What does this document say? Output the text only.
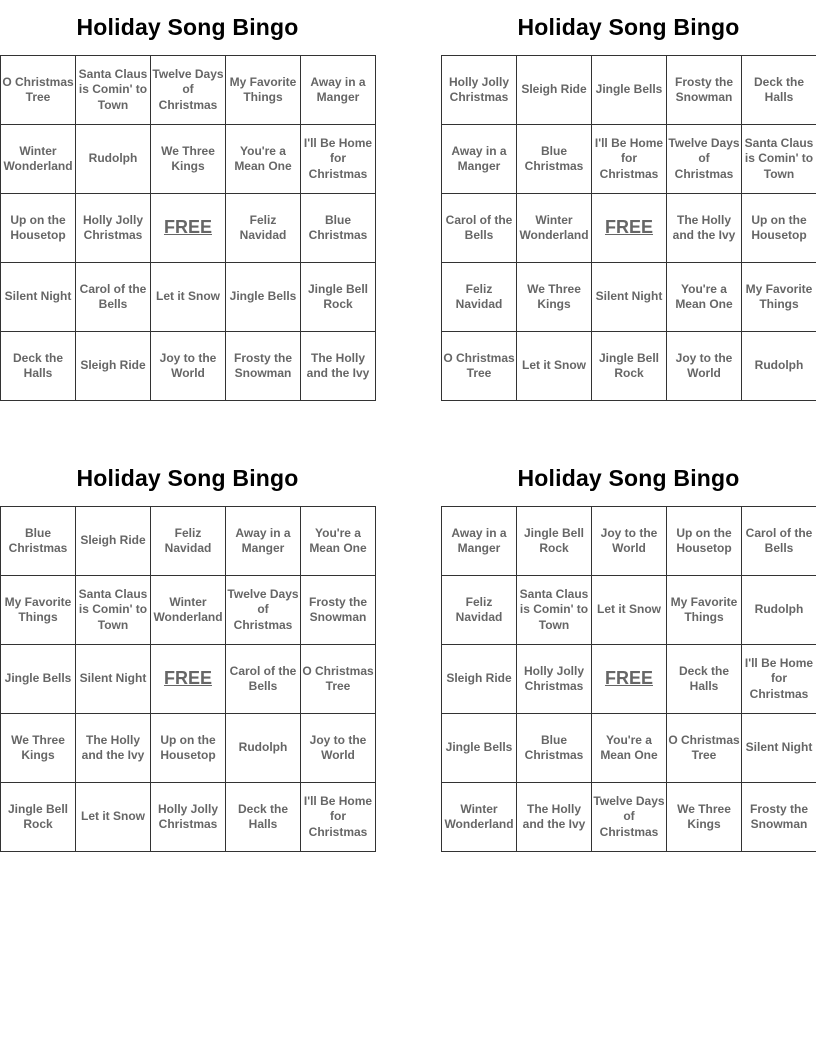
Holiday Song Bingo
O Christmas Tree	Santa Claus is Comin' to Town	Twelve Days of Christmas	My Favorite Things	Away in a Manger
Winter Wonderland	Rudolph	We Three Kings	You're a Mean One	I'll Be Home for Christmas
Up on the Housetop	Holly Jolly Christmas	FREE	Feliz Navidad	Blue Christmas
Silent Night	Carol of the Bells	Let it Snow	Jingle Bells	Jingle Bell Rock
Deck the Halls	Sleigh Ride	Joy to the World	Frosty the Snowman	The Holly and the Ivy
Holiday Song Bingo
Holly Jolly Christmas	Sleigh Ride	Jingle Bells	Frosty the Snowman	Deck the Halls
Away in a Manger	Blue Christmas	I'll Be Home for Christmas	Twelve Days of Christmas	Santa Claus is Comin' to Town
Carol of the Bells	Winter Wonderland	FREE	The Holly and the Ivy	Up on the Housetop
Feliz Navidad	We Three Kings	Silent Night	You're a Mean One	My Favorite Things
O Christmas Tree	Let it Snow	Jingle Bell Rock	Joy to the World	Rudolph
Holiday Song Bingo
Blue Christmas	Sleigh Ride	Feliz Navidad	Away in a Manger	You're a Mean One
My Favorite Things	Santa Claus is Comin' to Town	Winter Wonderland	Twelve Days of Christmas	Frosty the Snowman
Jingle Bells	Silent Night	FREE	Carol of the Bells	O Christmas Tree
We Three Kings	The Holly and the Ivy	Up on the Housetop	Rudolph	Joy to the World
Jingle Bell Rock	Let it Snow	Holly Jolly Christmas	Deck the Halls	I'll Be Home for Christmas
Holiday Song Bingo
Away in a Manger	Jingle Bell Rock	Joy to the World	Up on the Housetop	Carol of the Bells
Feliz Navidad	Santa Claus is Comin' to Town	Let it Snow	My Favorite Things	Rudolph
Sleigh Ride	Holly Jolly Christmas	FREE	Deck the Halls	I'll Be Home for Christmas
Jingle Bells	Blue Christmas	You're a Mean One	O Christmas Tree	Silent Night
Winter Wonderland	The Holly and the Ivy	Twelve Days of Christmas	We Three Kings	Frosty the Snowman
